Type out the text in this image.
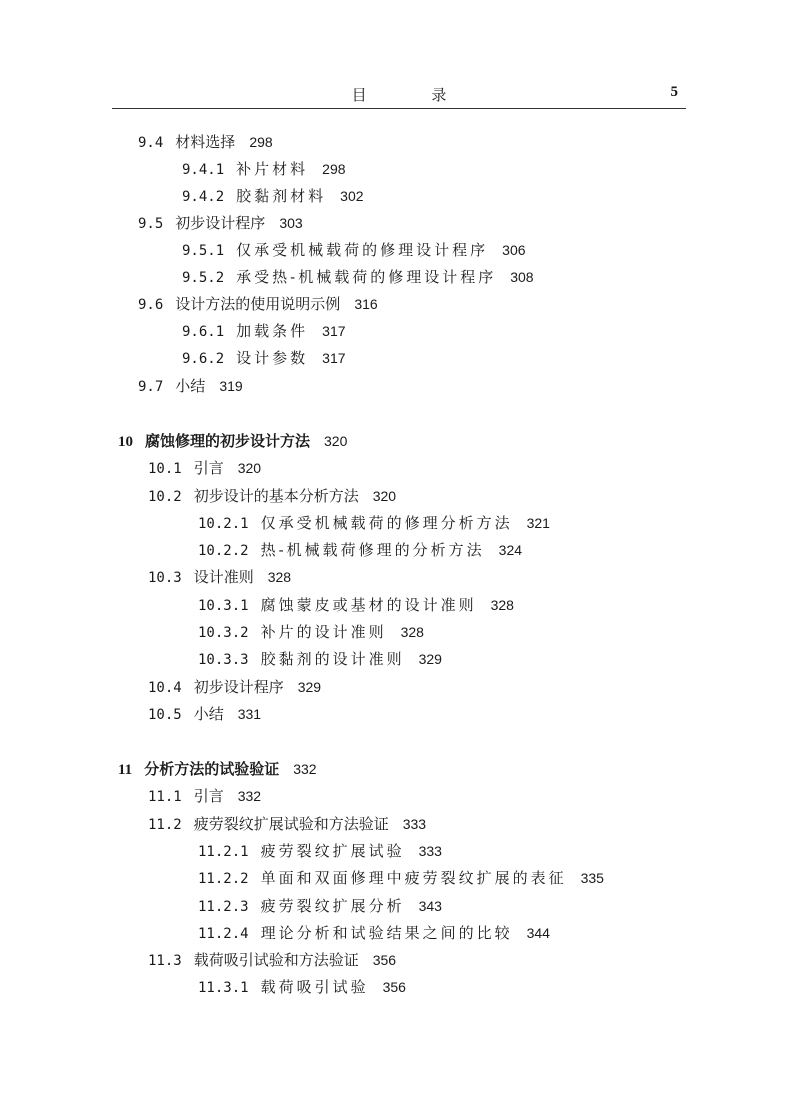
目 录	5
9.4 材料选择 298
9.4.1 补片材料 298
9.4.2 胶黏剂材料 302
9.5 初步设计程序 303
9.5.1 仅承受机械载荷的修理设计程序 306
9.5.2 承受热-机械载荷的修理设计程序 308
9.6 设计方法的使用说明示例 316
9.6.1 加载条件 317
9.6.2 设计参数 317
9.7 小结 319
10 腐蚀修理的初步设计方法 320
10.1 引言 320
10.2 初步设计的基本分析方法 320
10.2.1 仅承受机械载荷的修理分析方法 321
10.2.2 热-机械载荷修理的分析方法 324
10.3 设计准则 328
10.3.1 腐蚀蒙皮或基材的设计准则 328
10.3.2 补片的设计准则 328
10.3.3 胶黏剂的设计准则 329
10.4 初步设计程序 329
10.5 小结 331
11 分析方法的试验验证 332
11.1 引言 332
11.2 疲劳裂纹扩展试验和方法验证 333
11.2.1 疲劳裂纹扩展试验 333
11.2.2 单面和双面修理中疲劳裂纹扩展的表征 335
11.2.3 疲劳裂纹扩展分析 343
11.2.4 理论分析和试验结果之间的比较 344
11.3 载荷吸引试验和方法验证 356
11.3.1 载荷吸引试验 356
